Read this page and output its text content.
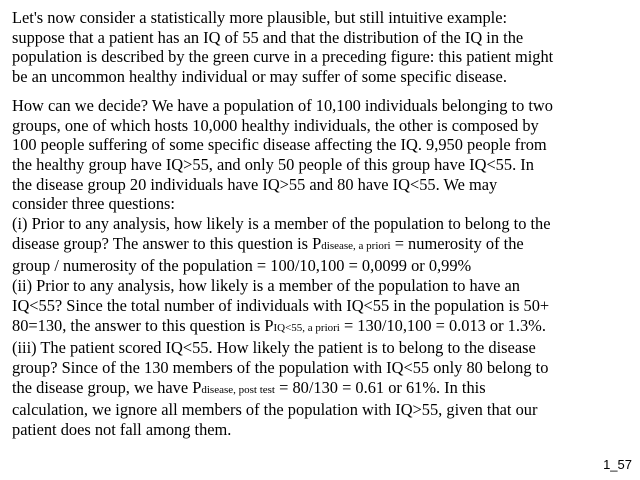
Let's now consider a statistically more plausible, but still intuitive example:
suppose that a patient has an IQ of 55 and that the distribution of the IQ in the
population is described by the green curve in a preceding figure: this patient might
be an uncommon healthy individual or may suffer of some specific disease.

How can we decide? We have a population of 10,100 individuals belonging to two
groups, one of which hosts 10,000 healthy individuals, the other is composed by
100 people suffering of some specific disease affecting the IQ. 9,950 people from
the healthy group have IQ>55, and only 50 people of this group have IQ<55. In
the disease group 20 individuals have IQ>55 and 80 have IQ<55. We may
consider three questions:
(i) Prior to any analysis, how likely is a member of the population to belong to the
disease group? The answer to this question is Pdisease, a priori = numerosity of the
group / numerosity of the population = 100/10,100 = 0,0099 or 0,99%
(ii) Prior to any analysis, how likely is a member of the population to have an
IQ<55? Since the total number of individuals with IQ<55 in the population is 50+
80=130, the answer to this question is PIQ<55, a priori = 130/10,100 = 0.013 or 1.3%.
(iii) The patient scored IQ<55. How likely the patient is to belong to the disease
group? Since of the 130 members of the population with IQ<55 only 80 belong to
the disease group, we have Pdisease, post test = 80/130 = 0.61 or 61%. In this
calculation, we ignore all members of the population with IQ>55, given that our
patient does not fall among them.

1_57
